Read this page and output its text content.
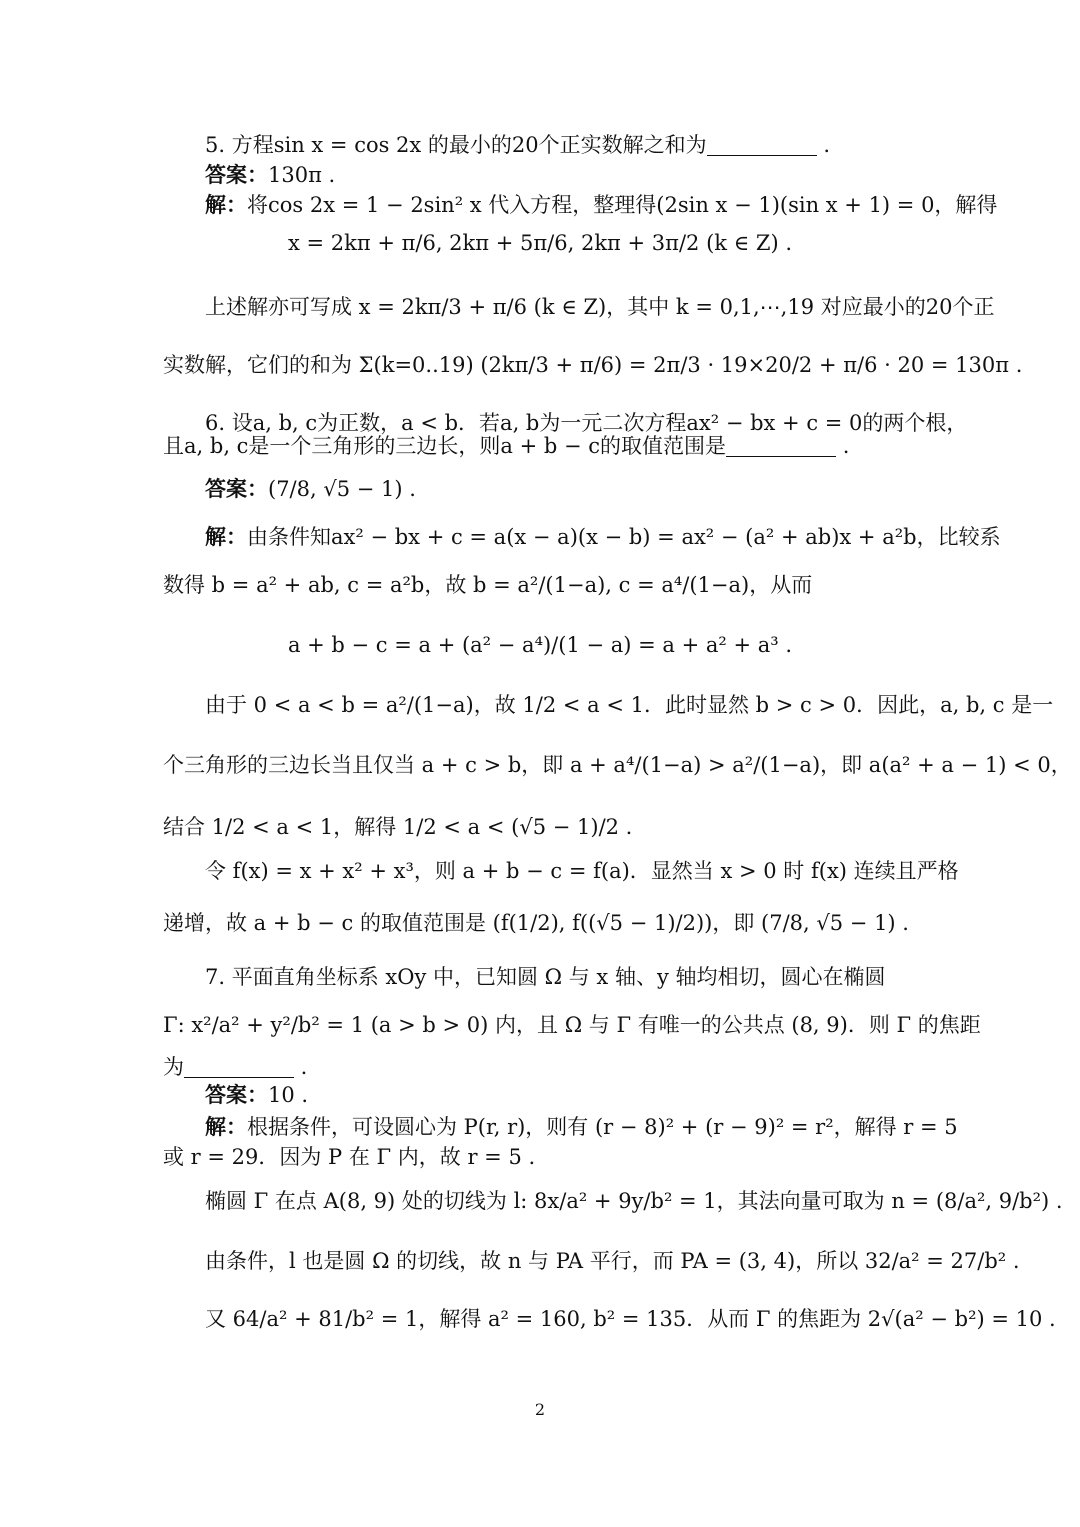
5. 方程sin x = cos 2x 的最小的20个正实数解之和为	.
答案：130π .
解：将cos 2x = 1 − 2sin² x 代入方程，整理得(2sin x − 1)(sin x + 1) = 0，解得
x = 2kπ + π/6, 2kπ + 5π/6, 2kπ + 3π/2 (k ∈ Z) .
上述解亦可写成 x = 2kπ/3 + π/6 (k ∈ Z)，其中 k = 0,1,⋯,19 对应最小的20个正
实数解，它们的和为 Σ(k=0..19) (2kπ/3 + π/6) = 2π/3 · 19×20/2 + π/6 · 20 = 130π .
6. 设a, b, c为正数，a < b．若a, b为一元二次方程ax² − bx + c = 0的两个根，
且a, b, c是一个三角形的三边长，则a + b − c的取值范围是	.
答案：(7/8, √5 − 1) .
解：由条件知ax² − bx + c = a(x − a)(x − b) = ax² − (a² + ab)x + a²b，比较系
数得 b = a² + ab, c = a²b，故 b = a²/(1−a), c = a⁴/(1−a)，从而
a + b − c = a + (a² − a⁴)/(1 − a) = a + a² + a³ .
由于 0 < a < b = a²/(1−a)，故 1/2 < a < 1．此时显然 b > c > 0．因此，a, b, c 是一
个三角形的三边长当且仅当 a + c > b，即 a + a⁴/(1−a) > a²/(1−a)，即 a(a² + a − 1) < 0，
结合 1/2 < a < 1，解得 1/2 < a < (√5 − 1)/2 .
令 f(x) = x + x² + x³，则 a + b − c = f(a)．显然当 x > 0 时 f(x) 连续且严格
递增，故 a + b − c 的取值范围是 (f(1/2), f((√5 − 1)/2))，即 (7/8, √5 − 1) .
7. 平面直角坐标系 xOy 中，已知圆 Ω 与 x 轴、y 轴均相切，圆心在椭圆
Γ: x²/a² + y²/b² = 1 (a > b > 0) 内，且 Ω 与 Γ 有唯一的公共点 (8, 9)．则 Γ 的焦距
为	.
答案：10 .
解：根据条件，可设圆心为 P(r, r)，则有 (r − 8)² + (r − 9)² = r²，解得 r = 5
或 r = 29．因为 P 在 Γ 内，故 r = 5 .
椭圆 Γ 在点 A(8, 9) 处的切线为 l: 8x/a² + 9y/b² = 1，其法向量可取为 n = (8/a², 9/b²) .
由条件，l 也是圆 Ω 的切线，故 n 与 PA 平行，而 PA = (3, 4)，所以 32/a² = 27/b² .
又 64/a² + 81/b² = 1，解得 a² = 160, b² = 135．从而 Γ 的焦距为 2√(a² − b²) = 10 .
2
